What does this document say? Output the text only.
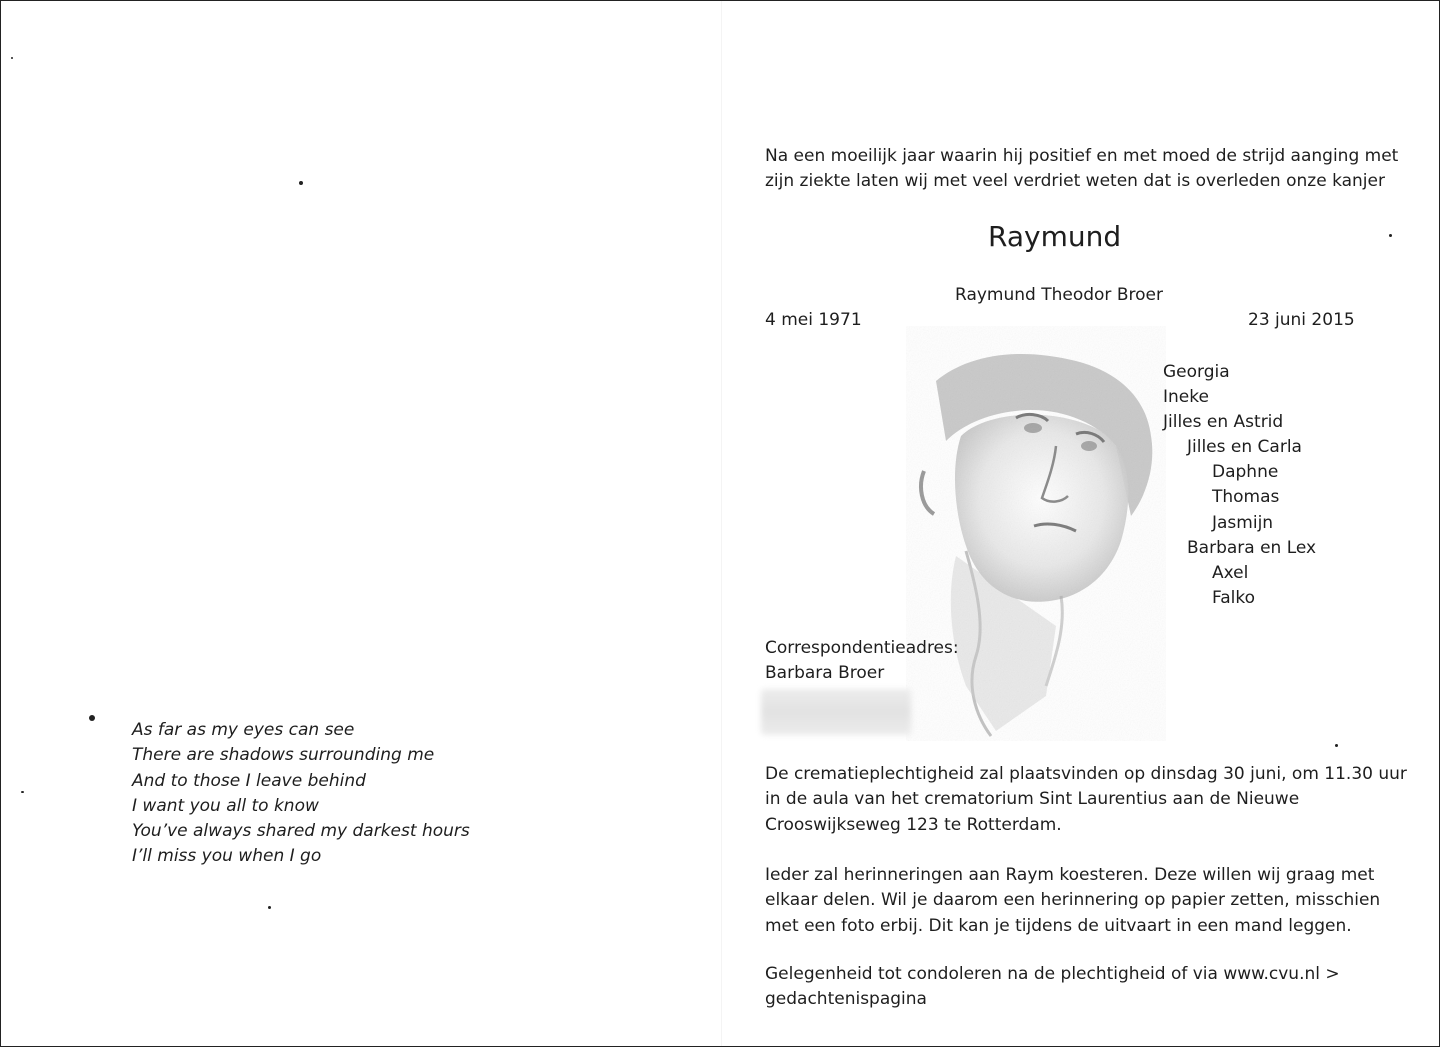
As far as my eyes can see
There are shadows surrounding me
And to those I leave behind
I want you all to know
You’ve always shared my darkest hours
I’ll miss you when I go
Na een moeilijk jaar waarin hij positief en met moed de strijd aanging met
zijn ziekte laten wij met veel verdriet weten dat is overleden onze kanjer
Raymund
Raymund Theodor Broer
4 mei 1971	23 juni 2015
Georgia
Ineke
Jilles en Astrid
Jilles en Carla
Daphne
Thomas
Jasmijn
Barbara en Lex
Axel
Falko
Correspondentieadres:
Barbara Broer
De crematieplechtigheid zal plaatsvinden op dinsdag 30 juni, om 11.30 uur
in de aula van het crematorium Sint Laurentius aan de Nieuwe
Crooswijkseweg 123 te Rotterdam.
Ieder zal herinneringen aan Raym koesteren. Deze willen wij graag met
elkaar delen. Wil je daarom een herinnering op papier zetten, misschien
met een foto erbij. Dit kan je tijdens de uitvaart in een mand leggen.
Gelegenheid tot condoleren na de plechtigheid of via www.cvu.nl >
gedachtenispagina
